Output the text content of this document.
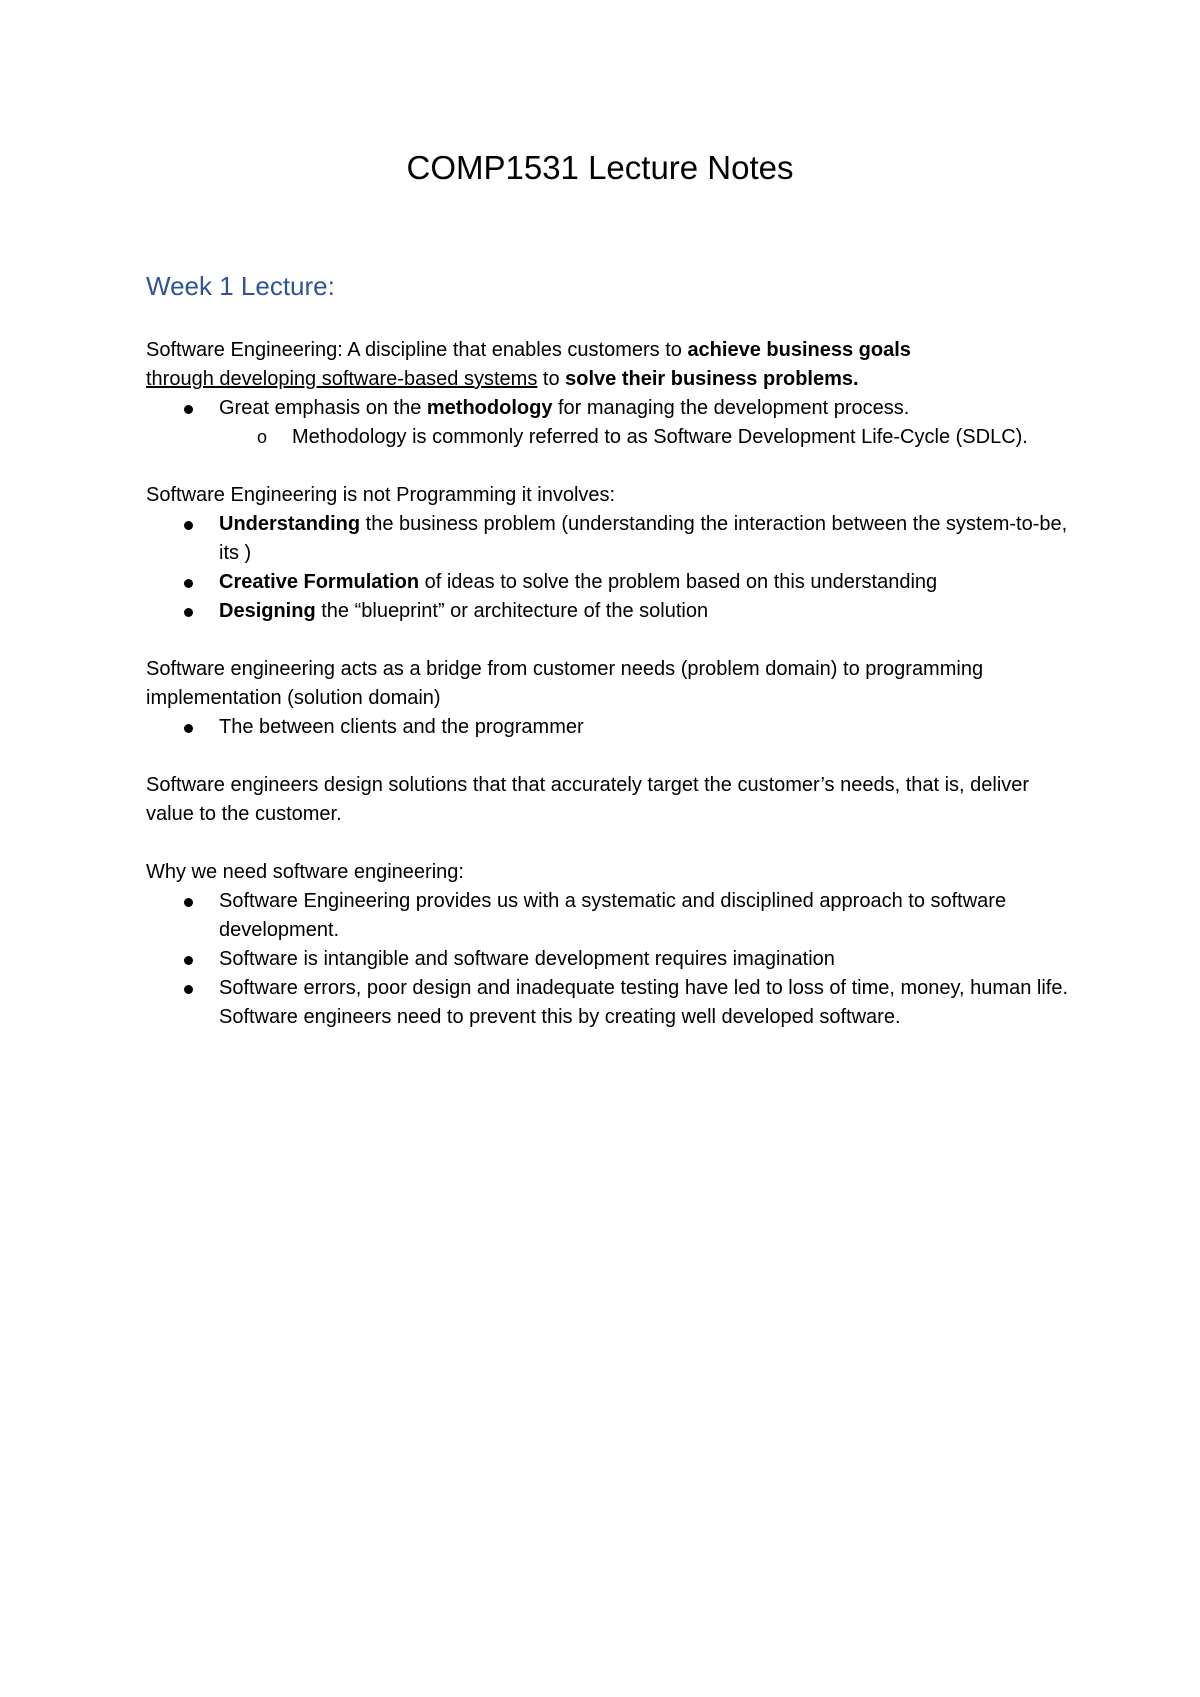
COMP1531 Lecture Notes
Week 1 Lecture:

Software Engineering: A discipline that enables customers to achieve business goals
through developing software-based systems to solve their business problems.

Great emphasis on the methodology for managing the development process.
o Methodology is commonly referred to as Software Development Life-Cycle (SDLC).

Software Engineering is not Programming it involves:

Understanding the business problem (understanding the interaction between the system-to-be, its )
Creative Formulation of ideas to solve the problem based on this understanding
Designing the “blueprint” or architecture of the solution

Software engineering acts as a bridge from customer needs (problem domain) to programming implementation (solution domain)

The between clients and the programmer

Software engineers design solutions that that accurately target the customer’s needs, that is, deliver value to the customer.

Why we need software engineering:

Software Engineering provides us with a systematic and disciplined approach to software development.
Software is intangible and software development requires imagination
Software errors, poor design and inadequate testing have led to loss of time, money, human life. Software engineers need to prevent this by creating well developed software.
